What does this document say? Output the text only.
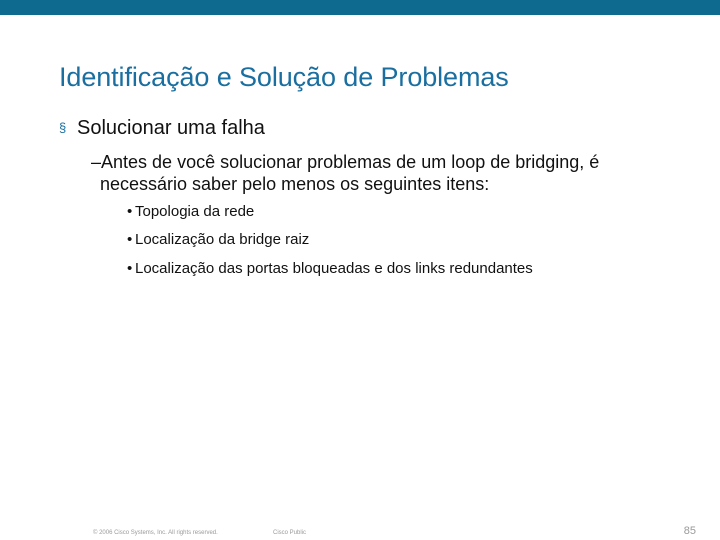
Identificação e Solução de Problemas
§ Solucionar uma falha
–Antes de você solucionar problemas de um loop de bridging, é
necessário saber pelo menos os seguintes itens:
• Topologia da rede
• Localização da bridge raiz
• Localização das portas bloqueadas e dos links redundantes
© 2006 Cisco Systems, Inc. All rights reserved.	Cisco Public	85
